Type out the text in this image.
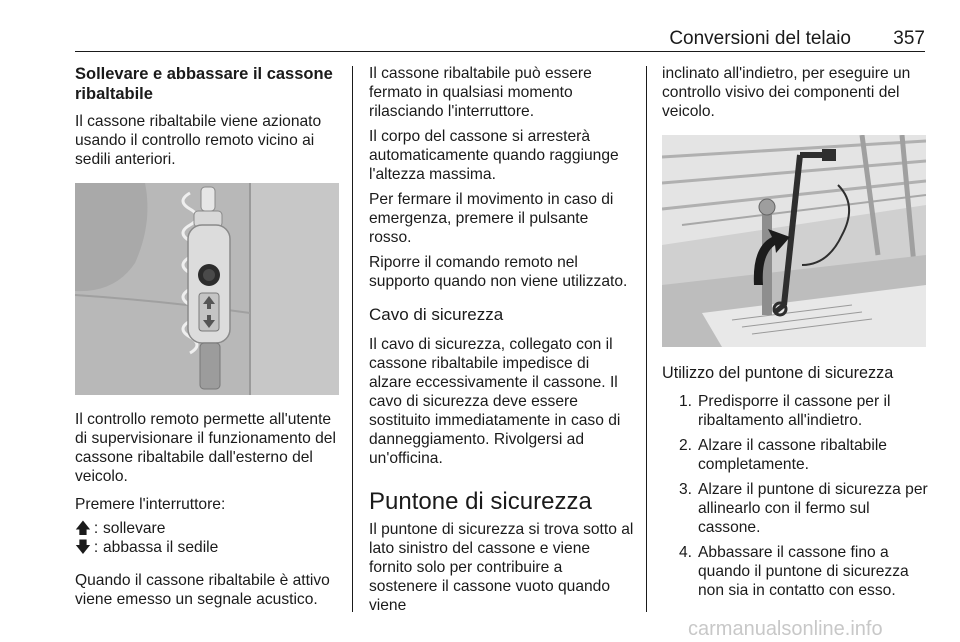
Conversioni del telaio 357
Sollevare e abbassare il cassone ribaltabile

Il cassone ribaltabile viene azionato usando il controllo remoto vicino ai sedili anteriori.

Il controllo remoto permette all'utente di supervisionare il funzionamento del cassone ribaltabile dall'esterno del veicolo.

Premere l'interruttore:

🡅 : sollevare
🡇 : abbassa il sedile

Quando il cassone ribaltabile è attivo viene emesso un segnale acustico.

Il cassone ribaltabile può essere fermato in qualsiasi momento rilasciando l'interruttore.

Il corpo del cassone si arresterà automaticamente quando raggiunge l'altezza massima.

Per fermare il movimento in caso di emergenza, premere il pulsante rosso.

Riporre il comando remoto nel supporto quando non viene utilizzato.

Cavo di sicurezza

Il cavo di sicurezza, collegato con il cassone ribaltabile impedisce di alzare eccessivamente il cassone. Il cavo di sicurezza deve essere sostituito immediatamente in caso di danneggiamento. Rivolgersi ad un'officina.

Puntone di sicurezza

Il puntone di sicurezza si trova sotto al lato sinistro del cassone e viene fornito solo per contribuire a sostenere il cassone vuoto quando viene

inclinato all'indietro, per eseguire un controllo visivo dei componenti del veicolo.

Utilizzo del puntone di sicurezza
1. Predisporre il cassone per il ribaltamento all'indietro.
2. Alzare il cassone ribaltabile completamente.
3. Alzare il puntone di sicurezza per allinearlo con il fermo sul cassone.
4. Abbassare il cassone fino a quando il puntone di sicurezza non sia in contatto con esso.
carmanualsonline.info
